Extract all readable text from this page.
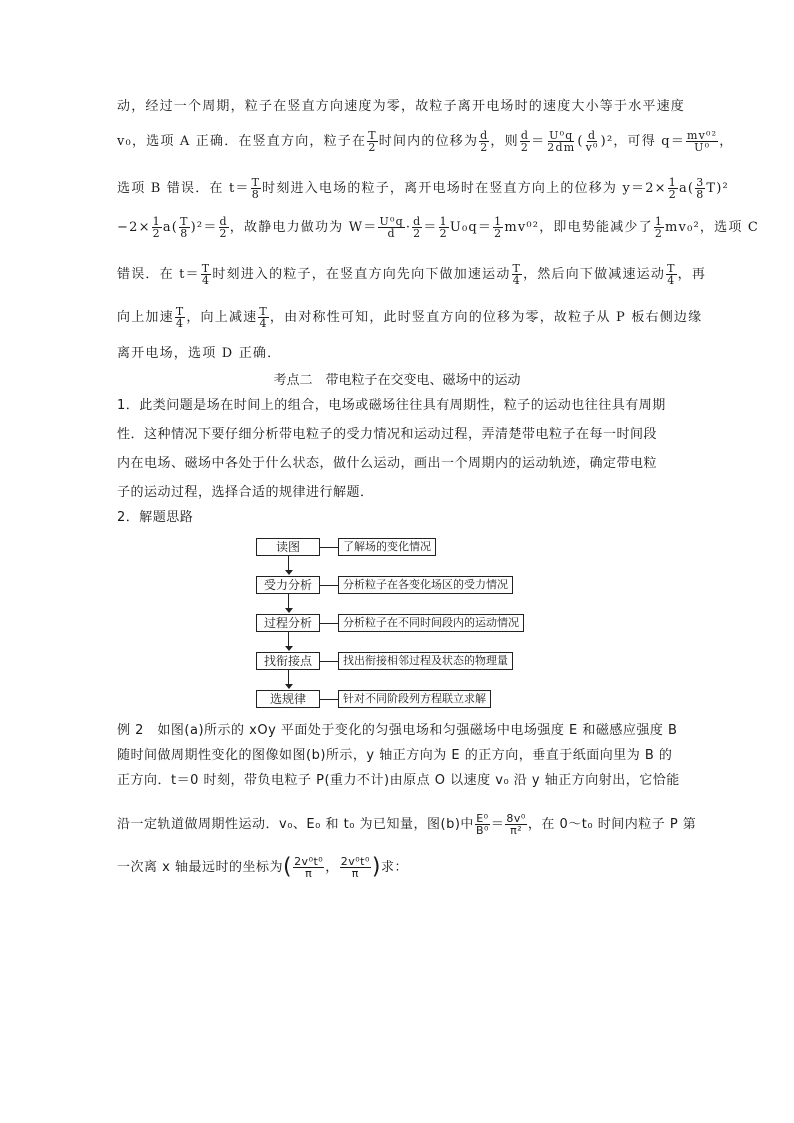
动，经过一个周期，粒子在竖直方向速度为零，故粒子离开电场时的速度大小等于水平速度
v₀，选项 A 正确．在竖直方向，粒子在 $\frac{T}{2}$ 时间内的位移为 $\frac{d}{2}$ ，则 $\frac{d}{2} = \frac{\text{U⁰q}}{2dm}$ ( $\frac{d}{\text{v⁰}} )^2$，可得 $q= \frac{\text{mv⁰²}}{\text{U⁰}}$ ，
选项 B 错误．在 $t= \frac{T}{8}$ 时刻进入电场的粒子，离开电场时在竖直方向上的位移为 $y=2\times \frac{1}{2} a( \frac{3}{8} T)^2$
$-2\times \frac{1}{2} a( \frac{T}{8} )^2= \frac{d}{2}$ ，故静电力做功为 $W= \frac{\text{U⁰q}}{d} \cdot \frac{d}{2} = \frac{1}{2} U_0q= \frac{1}{2} mv^{02}$，即电势能减少了 $\frac{1}{2} mv_0^2$，选项 C
错误．在 $t= \frac{T}{4}$ 时刻进入的粒子，在竖直方向先向下做加速运动 $\frac{T}{4}$ ，然后向下做减速运动 $\frac{T}{4}$ ，再
向上加速 $\frac{T}{4}$ ，向上减速 $\frac{T}{4}$ ，由对称性可知，此时竖直方向的位移为零，故粒子从 P 板右侧边缘
离开电场，选项 D 正确．
考点二　带电粒子在交变电、磁场中的运动
1．此类问题是场在时间上的组合，电场或磁场往往具有周期性，粒子的运动也往往具有周期
性．这种情况下要仔细分析带电粒子的受力情况和运动过程，弄清楚带电粒子在每一时间段
内在电场、磁场中各处于什么状态，做什么运动，画出一个周期内的运动轨迹，确定带电粒
子的运动过程，选择合适的规律进行解题．
2．解题思路
读图	了解场的变化情况
受力分析	分析粒子在各变化场区的受力情况
过程分析	分析粒子在不同时间段内的运动情况
找衔接点	找出衔接相邻过程及状态的物理量
选规律	针对不同阶段列方程联立求解
例 2　如图(a)所示的 xOy 平面处于变化的匀强电场和匀强磁场中电场强度 E 和磁感应强度 B
随时间做周期性变化的图像如图(b)所示，y 轴正方向为 E 的正方向，垂直于纸面向里为 B 的
正方向．t＝0 时刻，带负电粒子 P(重力不计)由原点 O 以速度 v₀ 沿 y 轴正方向射出，它恰能
沿一定轨道做周期性运动．v₀、E₀ 和 t₀ 为已知量，图(b)中 $\frac{\text{E⁰}}{\text{B⁰}} = \frac{\text{8v⁰}}{\text{π²}}$ ，在 0～t₀ 时间内粒子 P 第
一次离 x 轴最远时的坐标为( $\frac{\text{2v⁰t⁰}}{\pi}$ ， $\frac{\text{2v⁰t⁰}}{\pi}$ )求：
